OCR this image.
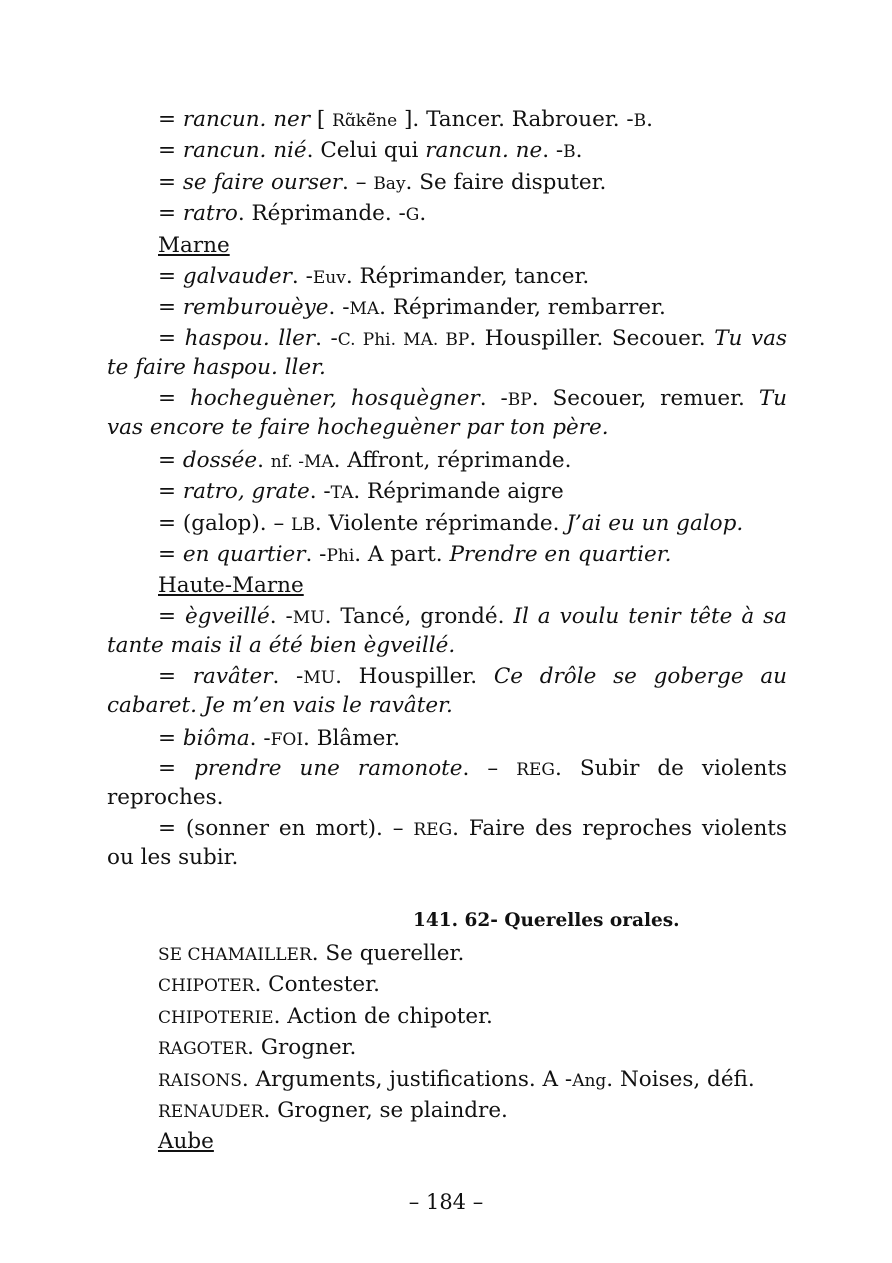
= rancun. ner [ Rɑ̃kẽ̈ne ]. Tancer. Rabrouer. -B.
= rancun. nié. Celui qui rancun. ne. -B.
= se faire ourser. – Bay. Se faire disputer.
= ratro. Réprimande. -G.
Marne
= galvauder. -Euv. Réprimander, tancer.
= remburouèye. -MA. Réprimander, rembarrer.
= haspou. ller. -C. Phi. MA. BP. Houspiller. Secouer. Tu vas te faire haspou. ller.
= hocheguèner, hosquègner. -BP. Secouer, remuer. Tu vas encore te faire hocheguèner par ton père.
= dossée. nf. -MA. Affront, réprimande.
= ratro, grate. -TA. Réprimande aigre
= (galop). – LB. Violente réprimande. J’ai eu un galop.
= en quartier. -Phi. A part. Prendre en quartier.
Haute-Marne
= ègveillé. -MU. Tancé, grondé. Il a voulu tenir tête à sa tante mais il a été bien ègveillé.
= ravâter. -MU. Houspiller. Ce drôle se goberge au cabaret. Je m’en vais le ravâter.
= biôma. -FOI. Blâmer.
= prendre une ramonote. – REG. Subir de violents reproches.
= (sonner en mort). – REG. Faire des reproches violents ou les subir.
141. 62- Querelles orales.
SE CHAMAILLER. Se quereller.
CHIPOTER. Contester.
CHIPOTERIE. Action de chipoter.
RAGOTER. Grogner.
RAISONS. Arguments, justifications. A -Ang. Noises, défi.
RENAUDER. Grogner, se plaindre.
Aube
– 184 –
